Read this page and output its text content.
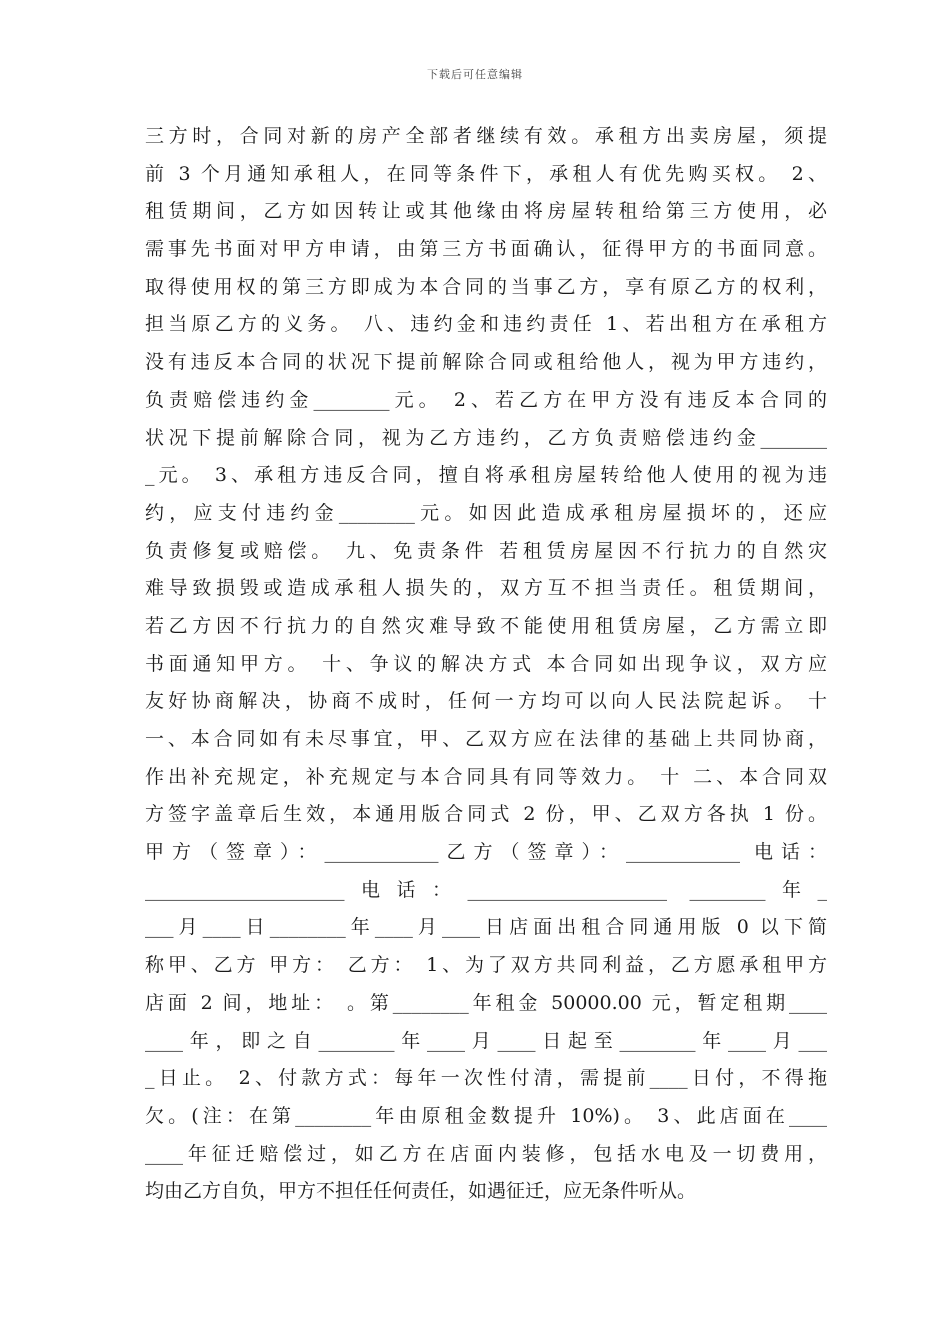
下载后可任意编辑
三方时，合同对新的房产全部者继续有效。承租方出卖房屋，须提
前 3 个月通知承租人，在同等条件下，承租人有优先购买权。 2、
租赁期间，乙方如因转让或其他缘由将房屋转租给第三方使用，必
需事先书面对甲方申请，由第三方书面确认，征得甲方的书面同意。
取得使用权的第三方即成为本合同的当事乙方，享有原乙方的权利，
担当原乙方的义务。 八、违约金和违约责任 1、若出租方在承租方
没有违反本合同的状况下提前解除合同或租给他人，视为甲方违约，
负责赔偿违约金________元。 2、若乙方在甲方没有违反本合同的
状况下提前解除合同，视为乙方违约，乙方负责赔偿违约金_______
_元。 3、承租方违反合同，擅自将承租房屋转给他人使用的视为违
约，应支付违约金________元。如因此造成承租房屋损坏的，还应
负责修复或赔偿。 九、免责条件 若租赁房屋因不行抗力的自然灾
难导致损毁或造成承租人损失的，双方互不担当责任。租赁期间，
若乙方因不行抗力的自然灾难导致不能使用租赁房屋，乙方需立即
书面通知甲方。 十、争议的解决方式 本合同如出现争议，双方应
友好协商解决，协商不成时，任何一方均可以向人民法院起诉。 十
一、本合同如有未尽事宜，甲、乙双方应在法律的基础上共同协商，
作出补充规定，补充规定与本合同具有同等效力。 十 二、本合同双
方签字盖章后生效，本通用版合同式 2 份，甲、乙双方各执 1 份。
甲方（签章）：____________乙方（签章）：____________ 电话：
_____________________电话：_____________________ ________年_
___月____日________年____月____日店面出租合同通用版 0 以下简
称甲、乙方 甲方： 乙方： 1、为了双方共同利益，乙方愿承租甲方
店面 2 间，地址： 。第________年租金 50000.00 元，暂定租期____
____年，即之自________年____月____日起至________年____月___
_日止。 2、付款方式：每年一次性付清，需提前____日付，不得拖
欠。(注：在第________年由原租金数提升 10%)。 3、此店面在____
____年征迁赔偿过，如乙方在店面内装修，包括水电及一切费用，
均由乙方自负，甲方不担任任何责任，如遇征迁，应无条件听从。
